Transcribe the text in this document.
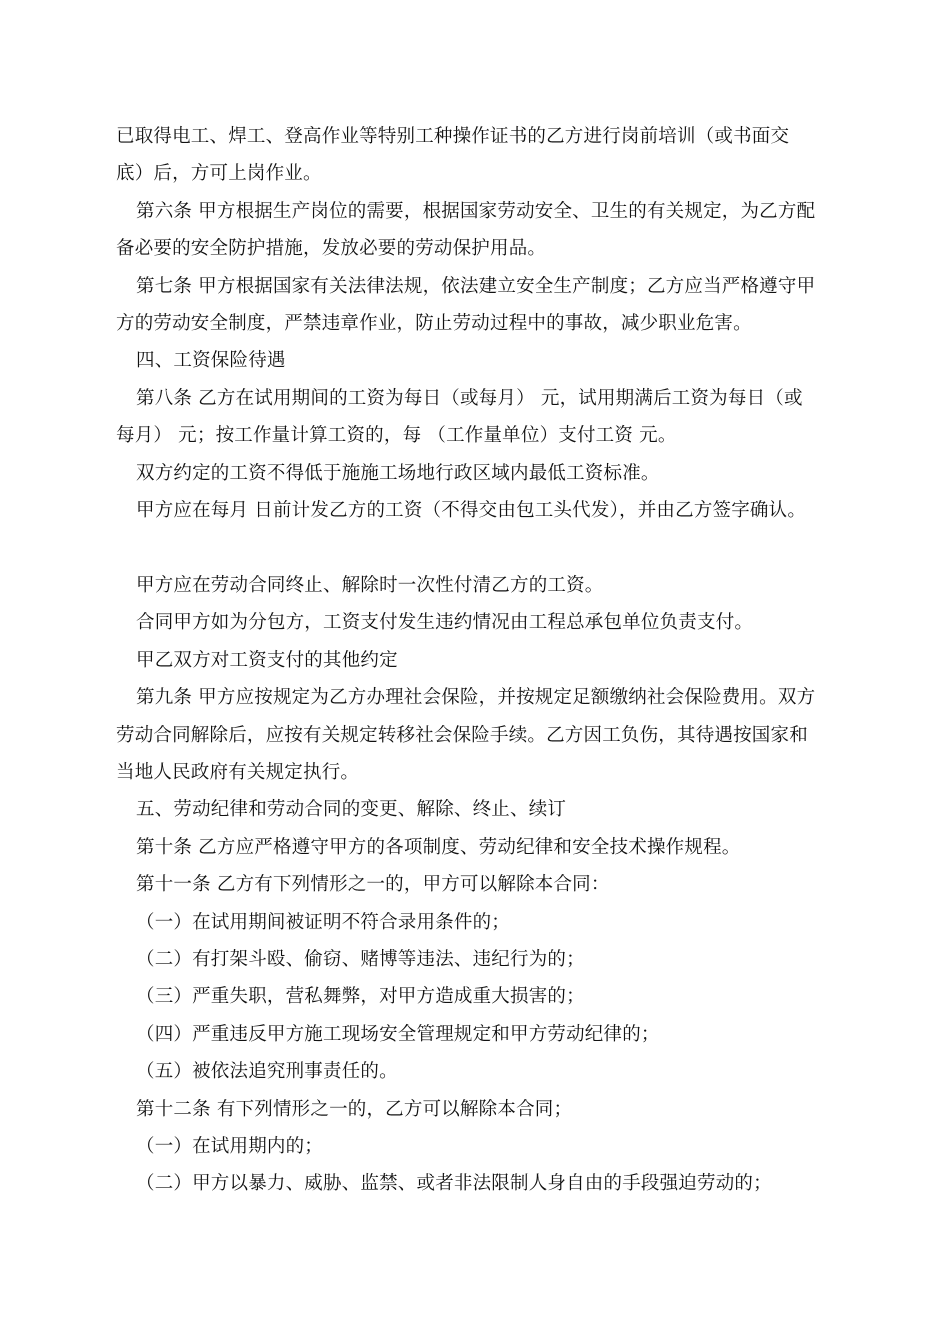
已取得电工、焊工、登高作业等特别工种操作证书的乙方进行岗前培训（或书面交
底）后，方可上岗作业。
第六条 甲方根据生产岗位的需要，根据国家劳动安全、卫生的有关规定，为乙方配
备必要的安全防护措施，发放必要的劳动保护用品。
第七条 甲方根据国家有关法律法规，依法建立安全生产制度；乙方应当严格遵守甲
方的劳动安全制度，严禁违章作业，防止劳动过程中的事故，减少职业危害。
四、工资保险待遇
第八条 乙方在试用期间的工资为每日（或每月） 元，试用期满后工资为每日（或
每月） 元；按工作量计算工资的，每 （工作量单位）支付工资 元。
双方约定的工资不得低于施施工场地行政区域内最低工资标准。
甲方应在每月 日前计发乙方的工资（不得交由包工头代发），并由乙方签字确认。
甲方应在劳动合同终止、解除时一次性付清乙方的工资。
合同甲方如为分包方，工资支付发生违约情况由工程总承包单位负责支付。
甲乙双方对工资支付的其他约定
第九条 甲方应按规定为乙方办理社会保险，并按规定足额缴纳社会保险费用。双方
劳动合同解除后，应按有关规定转移社会保险手续。乙方因工负伤，其待遇按国家和
当地人民政府有关规定执行。
五、劳动纪律和劳动合同的变更、解除、终止、续订
第十条 乙方应严格遵守甲方的各项制度、劳动纪律和安全技术操作规程。
第十一条 乙方有下列情形之一的，甲方可以解除本合同：
（一）在试用期间被证明不符合录用条件的；
（二）有打架斗殴、偷窃、赌博等违法、违纪行为的；
（三）严重失职，营私舞弊，对甲方造成重大损害的；
（四）严重违反甲方施工现场安全管理规定和甲方劳动纪律的；
（五）被依法追究刑事责任的。
第十二条 有下列情形之一的，乙方可以解除本合同；
（一）在试用期内的；
（二）甲方以暴力、威胁、监禁、或者非法限制人身自由的手段强迫劳动的；
